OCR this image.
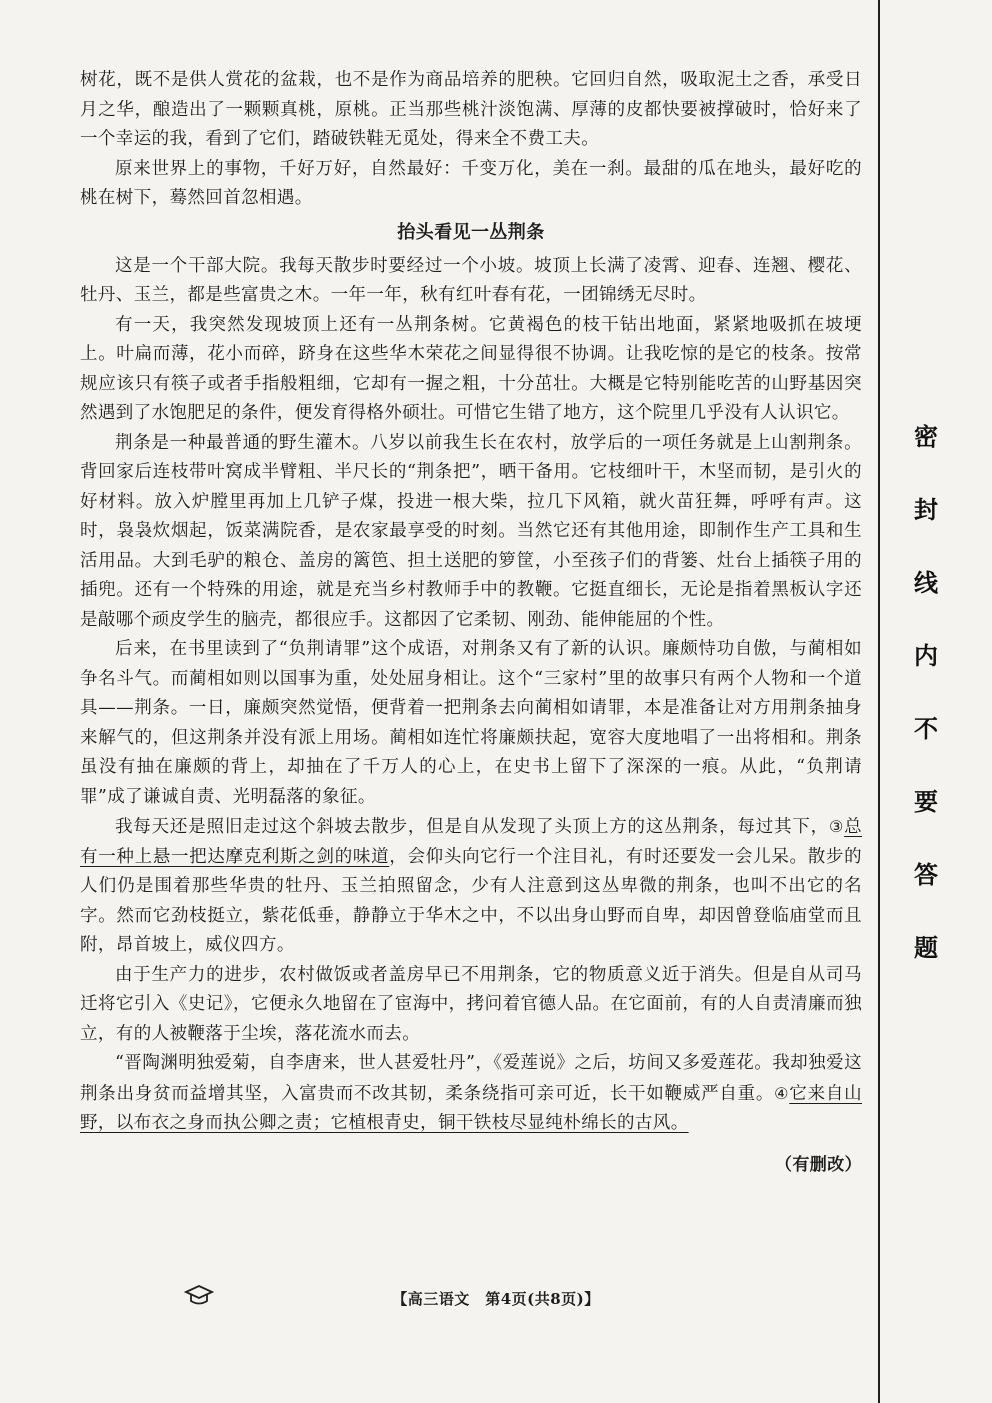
树花，既不是供人赏花的盆栽，也不是作为商品培养的肥秧。它回归自然，吸取泥土之香，承受日月之华，酿造出了一颗颗真桃，原桃。正当那些桃汁淡饱满、厚薄的皮都快要被撑破时，恰好来了一个幸运的我，看到了它们，踏破铁鞋无觅处，得来全不费工夫。

原来世界上的事物，千好万好，自然最好：千变万化，美在一刹。最甜的瓜在地头，最好吃的桃在树下，蓦然回首忽相遇。

抬头看见一丛荆条

这是一个干部大院。我每天散步时要经过一个小坡。坡顶上长满了凌霄、迎春、连翘、樱花、牡丹、玉兰，都是些富贵之木。一年一年，秋有红叶春有花，一团锦绣无尽时。

有一天，我突然发现坡顶上还有一丛荆条树。它黄褐色的枝干钻出地面，紧紧地吸抓在坡埂上。叶扁而薄，花小而碎，跻身在这些华木荣花之间显得很不协调。让我吃惊的是它的枝条。按常规应该只有筷子或者手指般粗细，它却有一握之粗，十分茁壮。大概是它特别能吃苦的山野基因突然遇到了水饱肥足的条件，便发育得格外硕壮。可惜它生错了地方，这个院里几乎没有人认识它。

荆条是一种最普通的野生灌木。八岁以前我生长在农村，放学后的一项任务就是上山割荆条。背回家后连枝带叶窝成半臂粗、半尺长的“荆条把”，晒干备用。它枝细叶干，木坚而韧，是引火的好材料。放入炉膛里再加上几铲子煤，投进一根大柴，拉几下风箱，就火苗狂舞，呼呼有声。这时，袅袅炊烟起，饭菜满院香，是农家最享受的时刻。当然它还有其他用途，即制作生产工具和生活用品。大到毛驴的粮仓、盖房的篱笆、担土送肥的箩筐，小至孩子们的背篓、灶台上插筷子用的插兜。还有一个特殊的用途，就是充当乡村教师手中的教鞭。它挺直细长，无论是指着黑板认字还是敲哪个顽皮学生的脑壳，都很应手。这都因了它柔韧、刚劲、能伸能屈的个性。

后来，在书里读到了“负荆请罪”这个成语，对荆条又有了新的认识。廉颇恃功自傲，与蔺相如争名斗气。而蔺相如则以国事为重，处处屈身相让。这个“三家村”里的故事只有两个人物和一个道具——荆条。一日，廉颇突然觉悟，便背着一把荆条去向蔺相如请罪，本是准备让对方用荆条抽身来解气的，但这荆条并没有派上用场。蔺相如连忙将廉颇扶起，宽容大度地唱了一出将相和。荆条虽没有抽在廉颇的背上，却抽在了千万人的心上，在史书上留下了深深的一痕。从此，“负荆请罪”成了谦诚自责、光明磊落的象征。

我每天还是照旧走过这个斜坡去散步，但是自从发现了头顶上方的这丛荆条，每过其下，③总有一种上悬一把达摩克利斯之剑的味道，会仰头向它行一个注目礼，有时还要发一会儿呆。散步的人们仍是围着那些华贵的牡丹、玉兰拍照留念，少有人注意到这丛卑微的荆条，也叫不出它的名字。然而它劲枝挺立，紫花低垂，静静立于华木之中，不以出身山野而自卑，却因曾登临庙堂而且附，昂首坡上，威仪四方。

由于生产力的进步，农村做饭或者盖房早已不用荆条，它的物质意义近于消失。但是自从司马迁将它引入《史记》，它便永久地留在了宦海中，拷问着官德人品。在它面前，有的人自责清廉而独立，有的人被鞭落于尘埃，落花流水而去。

“晋陶渊明独爱菊，自李唐来，世人甚爱牡丹”，《爱莲说》之后，坊间又多爱莲花。我却独爱这荆条出身贫而益增其坚，入富贵而不改其韧，柔条绕指可亲可近，长干如鞭威严自重。④它来自山野，以布衣之身而执公卿之责；它植根青史，铜干铁枝尽显纯朴绵长的古风。

（有删改）
密
封
线
内
不
要
答
题
【高三语文　第4页(共8页)】
